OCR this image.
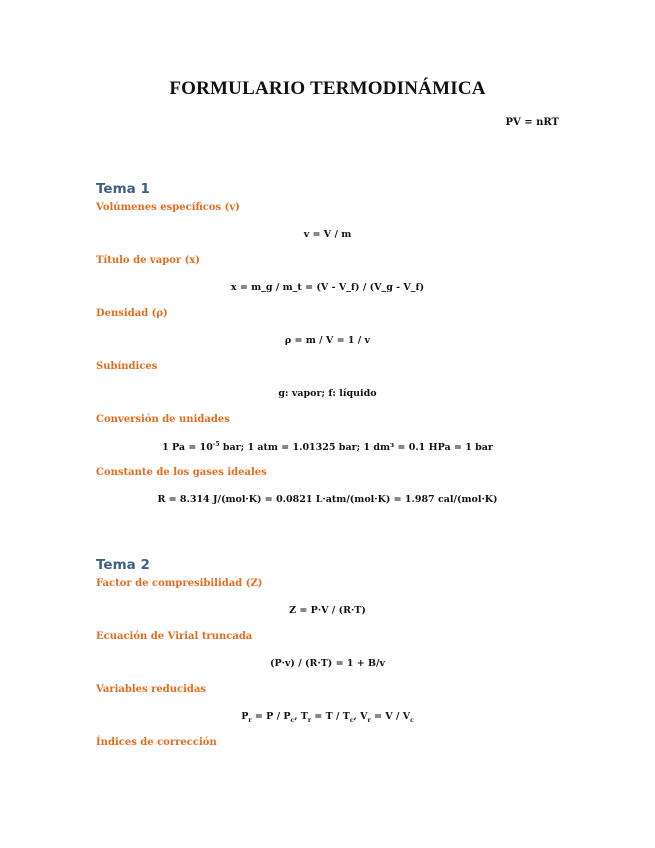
FORMULARIO TERMODINÁMICA
PV = nRT
Tema 1
Volúmenes específicos (v)
v = V / m
Título de vapor (x)
x = m_g / m_t = (V - V_f) / (V_g - V_f)
Densidad (ρ)
ρ = m / V = 1 / v
Subíndices
g: vapor; f: líquido
Conversión de unidades
1 $Pa = 10^{-5}$ bar; 1 atm = 1.01325 bar; 1 dm³ = 0.1 HPa = 1 bar
Constante de los gases ideales
R = 8.314 J/(mol·K) = 0.0821 L·atm/(mol·K) = 1.987 cal/(mol·K)
Tema 2
Factor de compresibilidad (Z)
Z = P·V / (R·T)
Ecuación de Virial truncada
(P·v) / (R·T) = 1 + B/v
Variables reducidas
$P_r = P / P_c$, $T_r = T / T_c$, $V_r = V / V_c$
Índices de corrección
